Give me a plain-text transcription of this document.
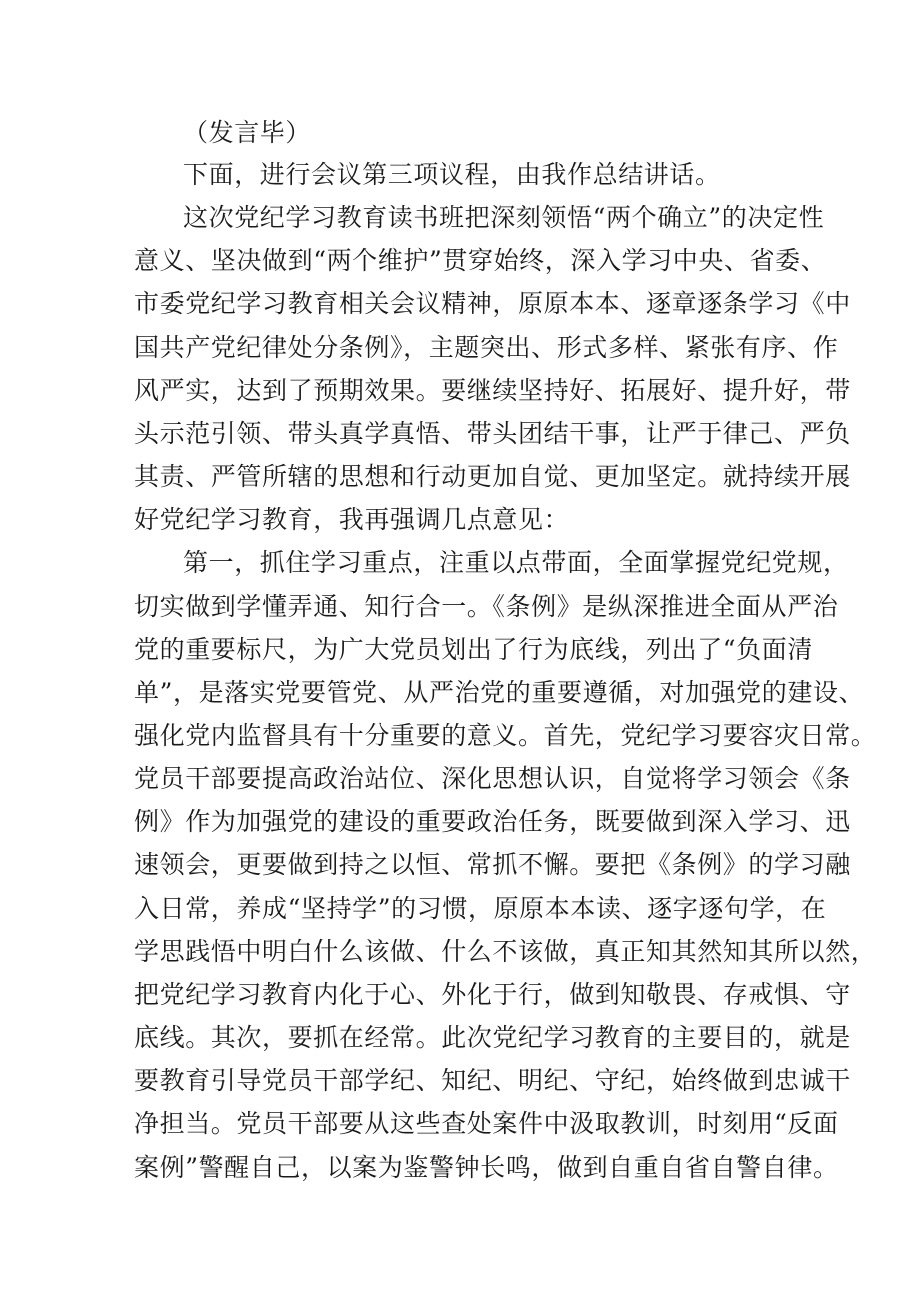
（发言毕）
下面，进行会议第三项议程，由我作总结讲话。
这次党纪学习教育读书班把深刻领悟“两个确立”的决定性
意义、坚决做到“两个维护”贯穿始终，深入学习中央、省委、
市委党纪学习教育相关会议精神，原原本本、逐章逐条学习《中
国共产党纪律处分条例》，主题突出、形式多样、紧张有序、作
风严实，达到了预期效果。要继续坚持好、拓展好、提升好，带
头示范引领、带头真学真悟、带头团结干事，让严于律己、严负
其责、严管所辖的思想和行动更加自觉、更加坚定。就持续开展
好党纪学习教育，我再强调几点意见：
第一，抓住学习重点，注重以点带面，全面掌握党纪党规，
切实做到学懂弄通、知行合一。《条例》是纵深推进全面从严治
党的重要标尺，为广大党员划出了行为底线，列出了“负面清
单”，是落实党要管党、从严治党的重要遵循，对加强党的建设、
强化党内监督具有十分重要的意义。首先，党纪学习要容灾日常。
党员干部要提高政治站位、深化思想认识，自觉将学习领会《条
例》作为加强党的建设的重要政治任务，既要做到深入学习、迅
速领会，更要做到持之以恒、常抓不懈。要把《条例》的学习融
入日常，养成“坚持学”的习惯，原原本本读、逐字逐句学，在
学思践悟中明白什么该做、什么不该做，真正知其然知其所以然，
把党纪学习教育内化于心、外化于行，做到知敬畏、存戒惧、守
底线。其次，要抓在经常。此次党纪学习教育的主要目的，就是
要教育引导党员干部学纪、知纪、明纪、守纪，始终做到忠诚干
净担当。党员干部要从这些查处案件中汲取教训，时刻用“反面
案例”警醒自己，以案为鉴警钟长鸣，做到自重自省自警自律。
